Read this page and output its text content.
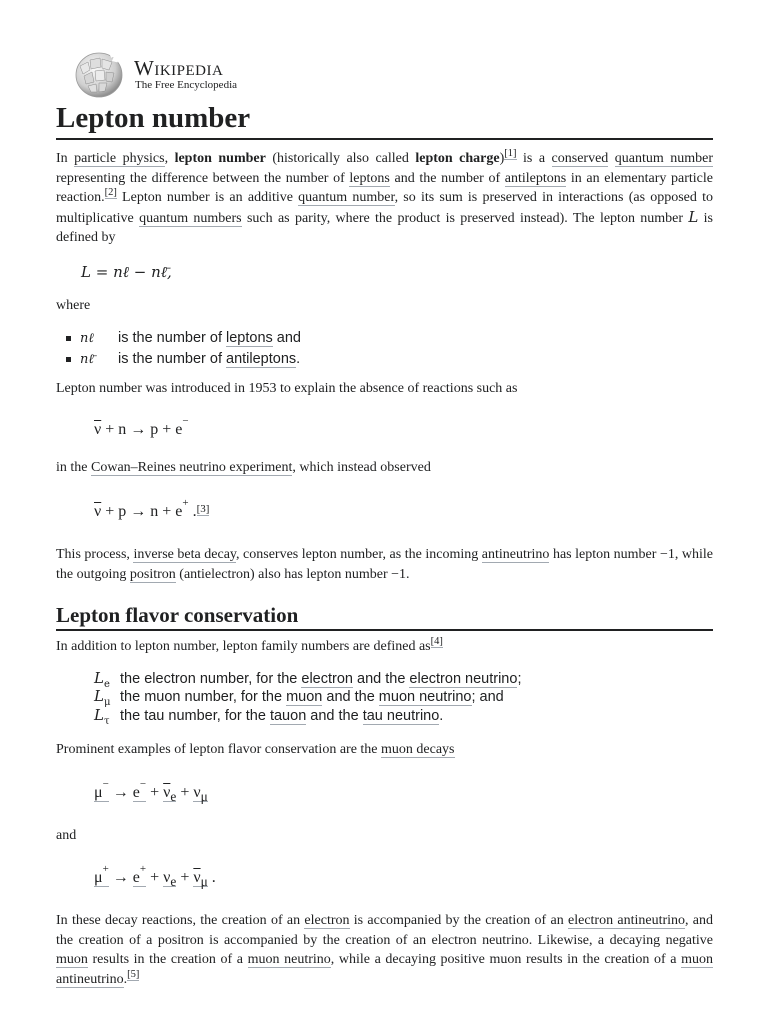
Wikipedia
The Free Encyclopedia
Lepton number

In particle physics, lepton number (historically also called lepton charge)[1] is a conserved quantum number representing the difference between the number of leptons and the number of antileptons in an elementary particle reaction.[2] Lepton number is an additive quantum number, so its sum is preserved in interactions (as opposed to multiplicative quantum numbers such as parity, where the product is preserved instead). The lepton number L is defined by

L = nℓ − nℓ̄,

where

nℓ is the number of leptons and
nℓ̄ is the number of antileptons.

Lepton number was introduced in 1953 to explain the absence of reactions such as

$\overline{\nu} + n \to p + e^-$

in the Cowan–Reines neutrino experiment, which instead observed

$\overline{\nu} + p \to n + e^+$ .[3]

This process, inverse beta decay, conserves lepton number, as the incoming antineutrino has lepton number −1, while the outgoing positron (antielectron) also has lepton number −1.

Lepton flavor conservation

In addition to lepton number, lepton family numbers are defined as[4]

$L_e$ the electron number, for the electron and the electron neutrino;
$L_\mu$ the muon number, for the muon and the muon neutrino; and
$L_\tau$ the tau number, for the tauon and the tau neutrino.

Prominent examples of lepton flavor conservation are the muon decays

$\mu^- \to e^- + \overline{\nu}_e + \nu_\mu$

and

$\mu^+ \to e^+ + \nu_e + \overline{\nu}_\mu$ .

In these decay reactions, the creation of an electron is accompanied by the creation of an electron antineutrino, and the creation of a positron is accompanied by the creation of an electron neutrino. Likewise, a decaying negative muon results in the creation of a muon neutrino, while a decaying positive muon results in the creation of a muon antineutrino.[5]
